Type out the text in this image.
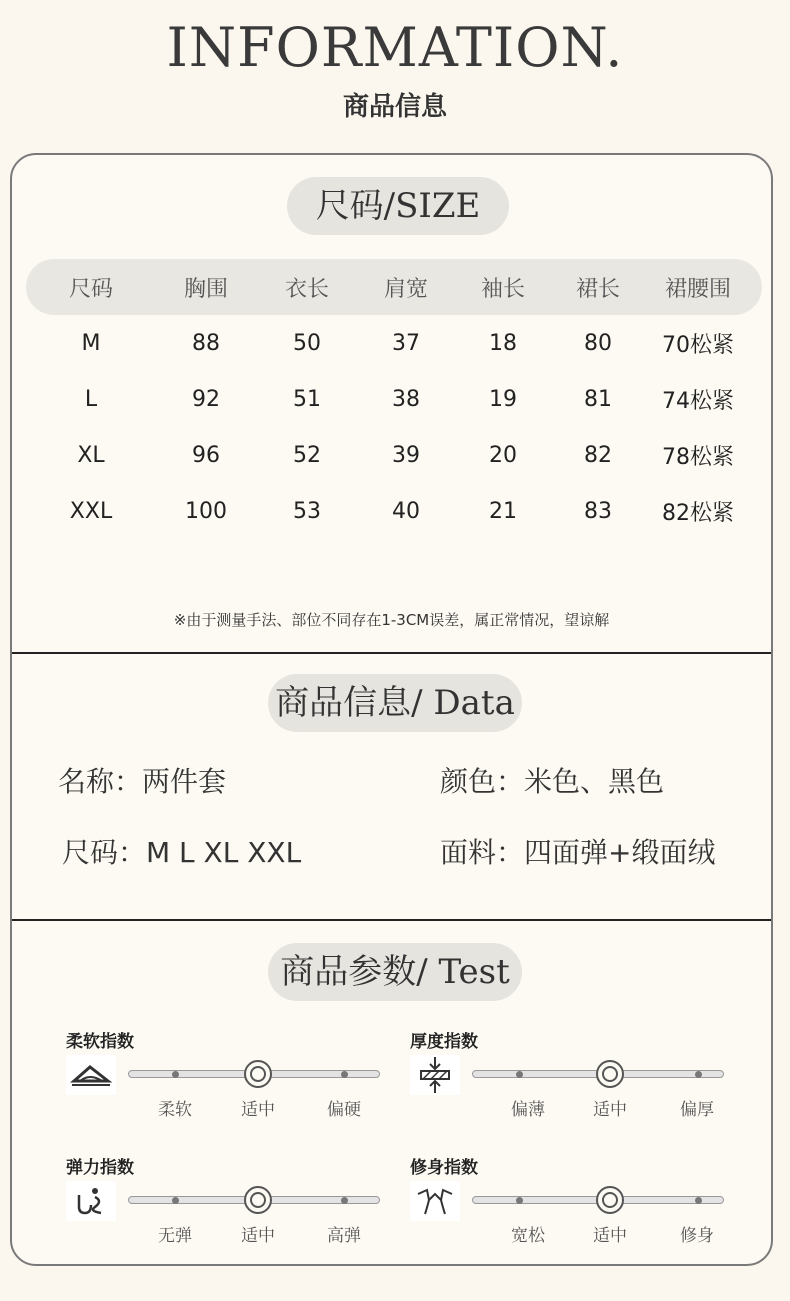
INFORMATION.
商品信息
尺码/SIZE
尺码	胸围	衣长	肩宽	袖长	裙长	裙腰围
M	88	50	37	18	80	70松紧
L	92	51	38	19	81	74松紧
XL	96	52	39	20	82	78松紧
XXL	100	53	40	21	83	82松紧
※由于测量手法、部位不同存在1-3CM误差，属正常情况，望谅解
商品信息/ Data
名称：两件套	颜色：米色、黑色
尺码：M L XL XXL	面料：四面弹+缎面绒
商品参数/ Test
柔软指数
柔软	适中	偏硬
厚度指数
偏薄	适中	偏厚
弹力指数
无弹	适中	高弹
修身指数
宽松	适中	修身
